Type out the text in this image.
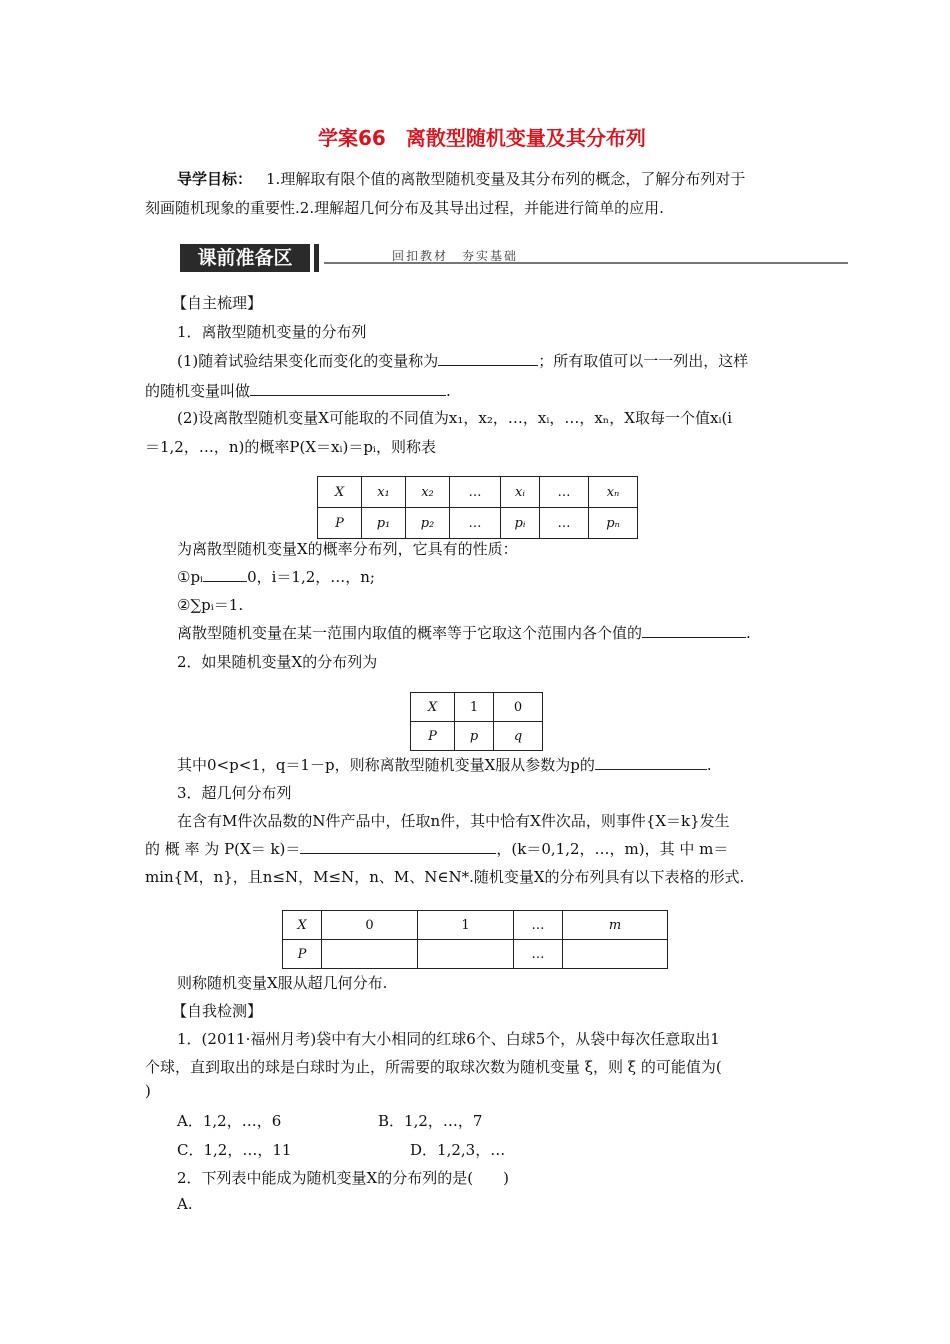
学案66　离散型随机变量及其分布列
导学目标： 1.理解取有限个值的离散型随机变量及其分布列的概念，了解分布列对于
刻画随机现象的重要性.2.理解超几何分布及其导出过程，并能进行简单的应用.
课前准备区	回扣教材　夯实基础
【自主梳理】
1．离散型随机变量的分布列
(1)随着试验结果变化而变化的变量称为	；所有取值可以一一列出，这样
的随机变量叫做	.
(2)设离散型随机变量X可能取的不同值为x₁，x₂，…，xᵢ，…，xₙ，X取每一个值xᵢ(i
＝1,2，…，n)的概率P(X＝xᵢ)＝pᵢ，则称表
X	x₁	x₂	…	xᵢ	…	xₙ
P	p₁	p₂	…	pᵢ	…	pₙ
为离散型随机变量X的概率分布列，它具有的性质：
①pᵢ	0，i＝1,2，…，n;
②∑pᵢ＝1.
离散型随机变量在某一范围内取值的概率等于它取这个范围内各个值的	.
2．如果随机变量X的分布列为
X	1	0
P	p	q
其中0<p<1，q＝1－p，则称离散型随机变量X服从参数为p的	.
3．超几何分布列
在含有M件次品数的N件产品中，任取n件，其中恰有X件次品，则事件{X＝k}发生
的 概 率 为 P(X＝ k)＝	，(k＝0,1,2，…，m)，其 中 m＝
min{M，n}，且n≤N，M≤N，n、M、N∈N*.随机变量X的分布列具有以下表格的形式.
X	0	1	…	m
P			…	
则称随机变量X服从超几何分布.
【自我检测】
1．(2011·福州月考)袋中有大小相同的红球6个、白球5个，从袋中每次任意取出1
个球，直到取出的球是白球时为止，所需要的取球次数为随机变量 ξ，则 ξ 的可能值为(
)
A．1,2，…，6	B．1,2，…，7
C．1,2，…，11	D．1,2,3，…
2．下列表中能成为随机变量X的分布列的是(　　)
A.
